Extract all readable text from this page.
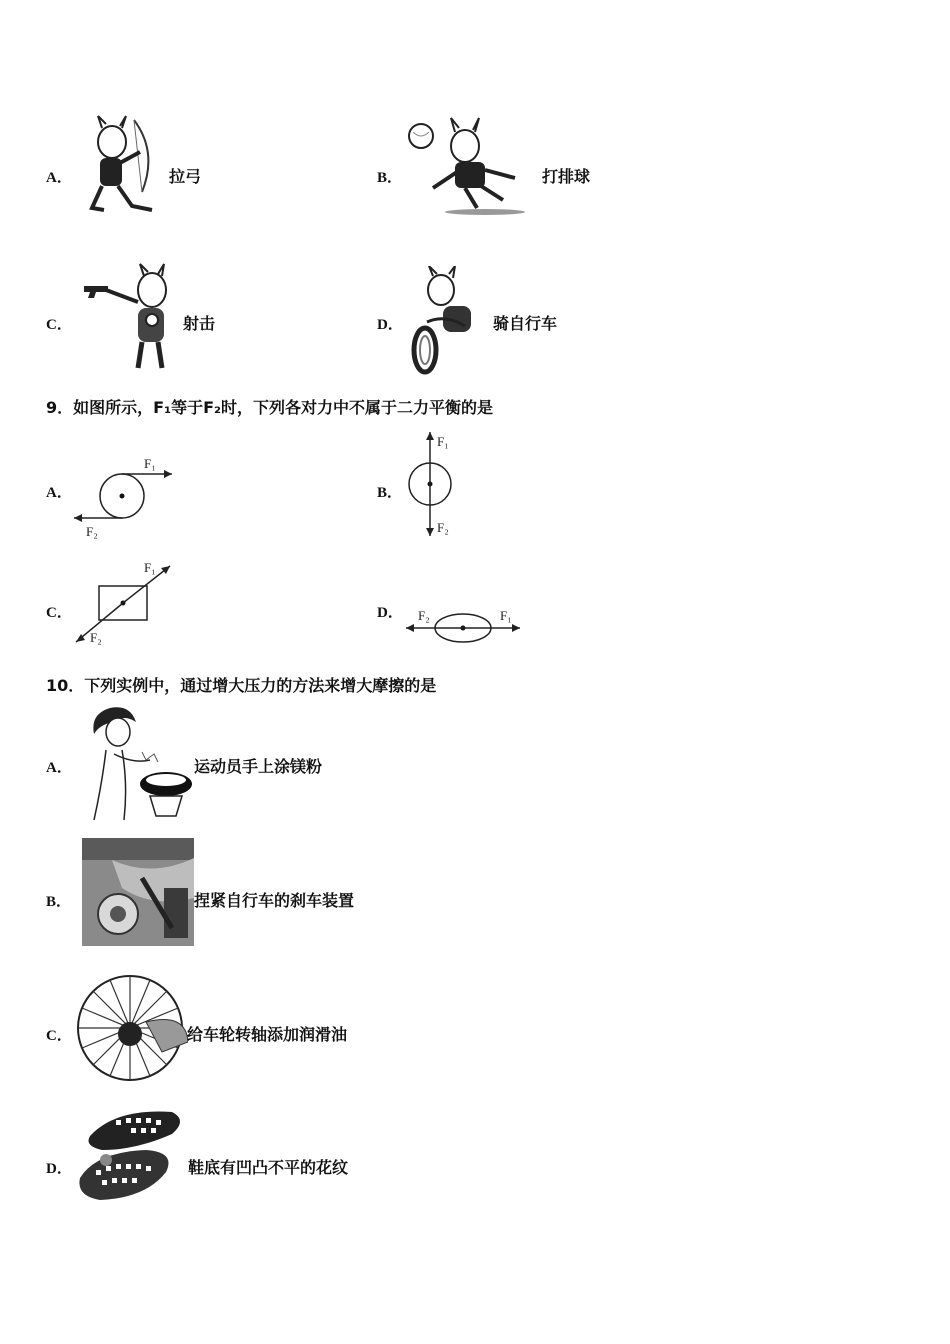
A．	拉弓	B．	打排球
C．	射击	D．	骑自行车
9．如图所示，F₁等于F₂时，下列各对力中不属于二力平衡的是
A．
F₁
F₂
B．
F₁
F₂
C．
F₁
F₂
D．	F₁
F₂
10．下列实例中，通过增大压力的方法来增大摩擦的是
A．	运动员手上涂镁粉
B．	捏紧自行车的刹车装置
C．	给车轮转轴添加润滑油
D．	鞋底有凹凸不平的花纹
